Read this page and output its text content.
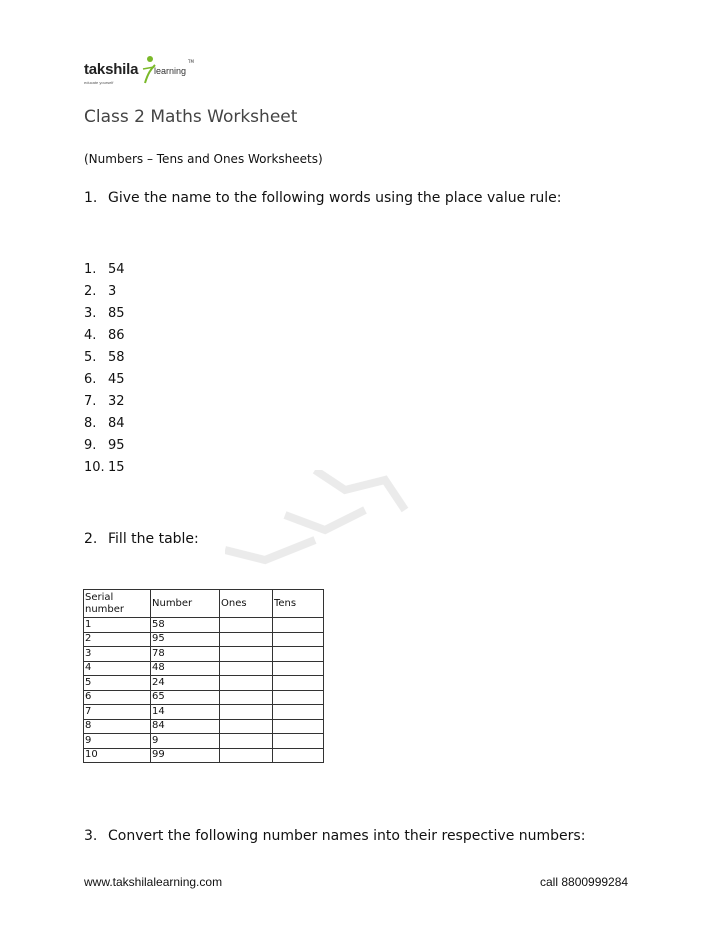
takshila learning
TM
educate yourself
Class 2 Maths Worksheet
(Numbers – Tens and Ones Worksheets)
1. Give the name to the following words using the place value rule:
1. 54
2. 3
3. 85
4. 86
5. 58
6. 45
7. 32
8. 84
9. 95
10. 15
2. Fill the table:
Serial number	Number	Ones	Tens
1	58		
2	95		
3	78		
4	48		
5	24		
6	65		
7	14		
8	84		
9	9		
10	99		
3. Convert the following number names into their respective numbers:
www.takshilalearning.com	call 8800999284
